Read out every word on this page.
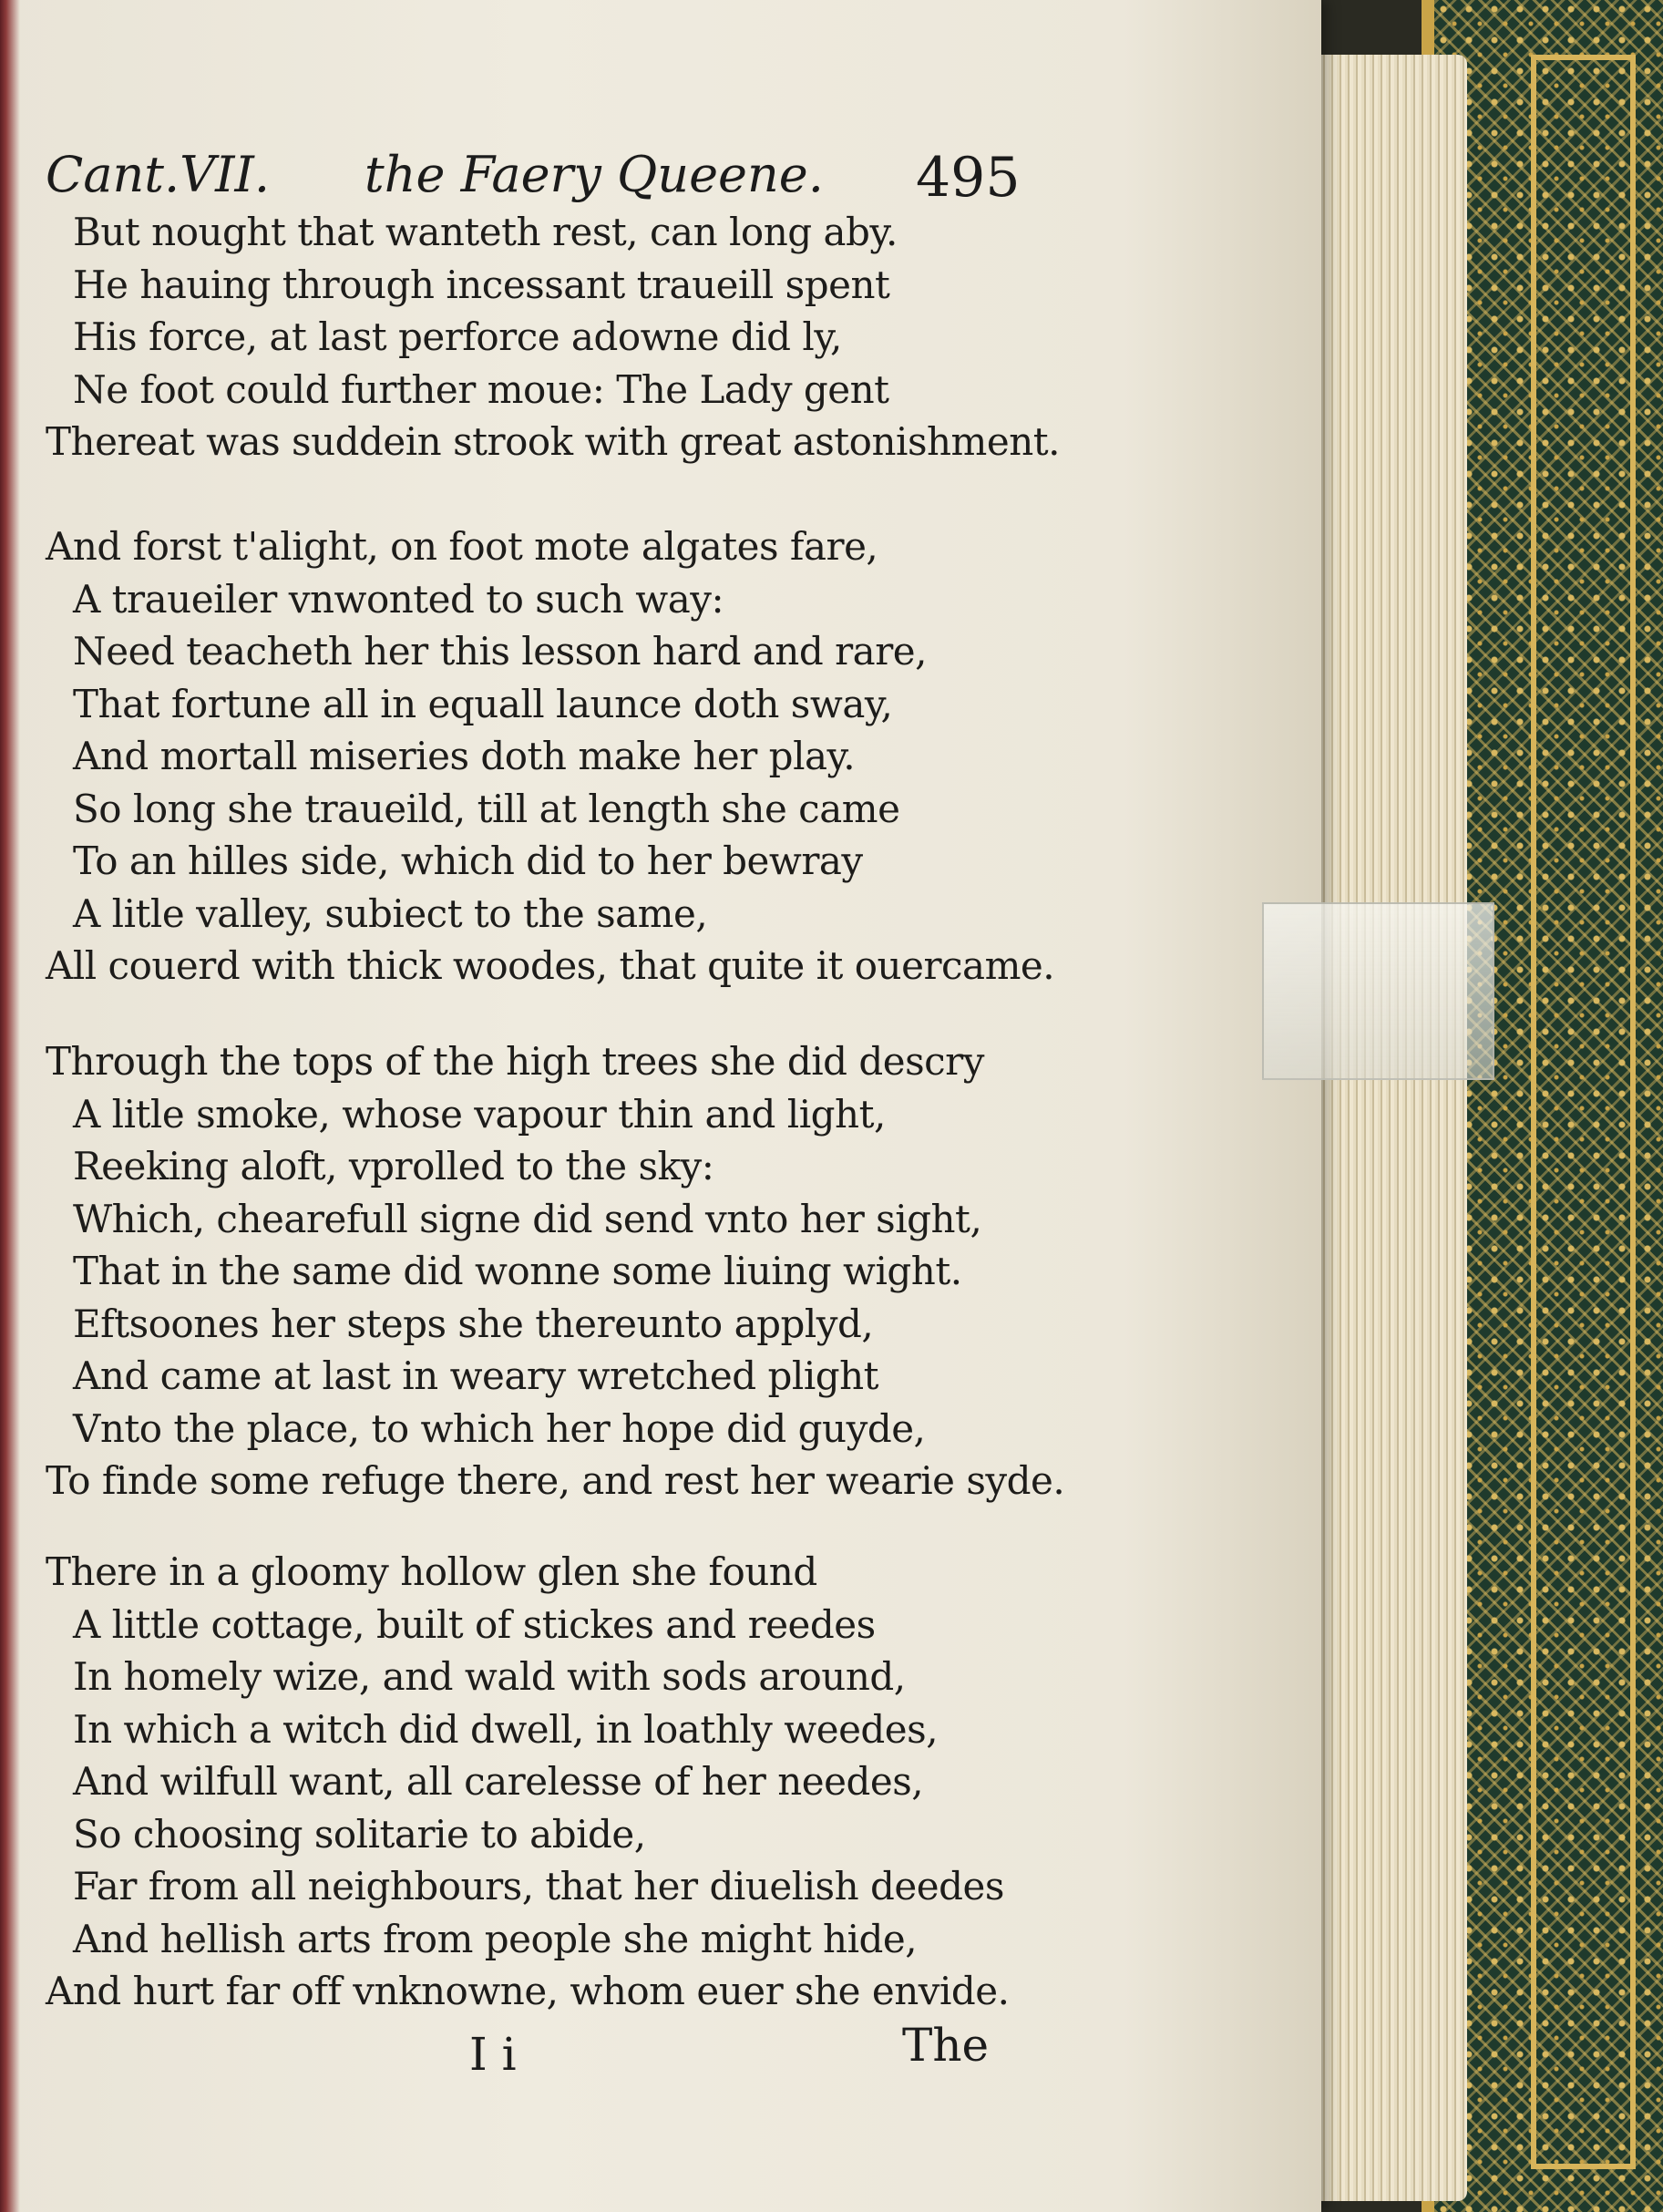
Cant.VII. the Faery Queene. 495
But nought that wanteth rest, can long aby.
He hauing through incessant traueill spent
His force, at last perforce adowne did ly,
Ne foot could further moue: The Lady gent
Thereat was suddein strook with great astonishment.
And forst t'alight, on foot mote algates fare,
A traueiler vnwonted to such way:
Need teacheth her this lesson hard and rare,
That fortune all in equall launce doth sway,
And mortall miseries doth make her play.
So long she traueild, till at length she came
To an hilles side, which did to her bewray
A litle valley, subiect to the same,
All couerd with thick woodes, that quite it ouercame.
Through the tops of the high trees she did descry
A litle smoke, whose vapour thin and light,
Reeking aloft, vprolled to the sky:
Which, chearefull signe did send vnto her sight,
That in the same did wonne some liuing wight.
Eftsoones her steps she thereunto applyd,
And came at last in weary wretched plight
Vnto the place, to which her hope did guyde,
To finde some refuge there, and rest her wearie syde.
There in a gloomy hollow glen she found
A little cottage, built of stickes and reedes
In homely wize, and wald with sods around,
In which a witch did dwell, in loathly weedes,
And wilfull want, all carelesse of her needes,
So choosing solitarie to abide,
Far from all neighbours, that her diuelish deedes
And hellish arts from people she might hide,
And hurt far off vnknowne, whom euer she envide.
I i	The
